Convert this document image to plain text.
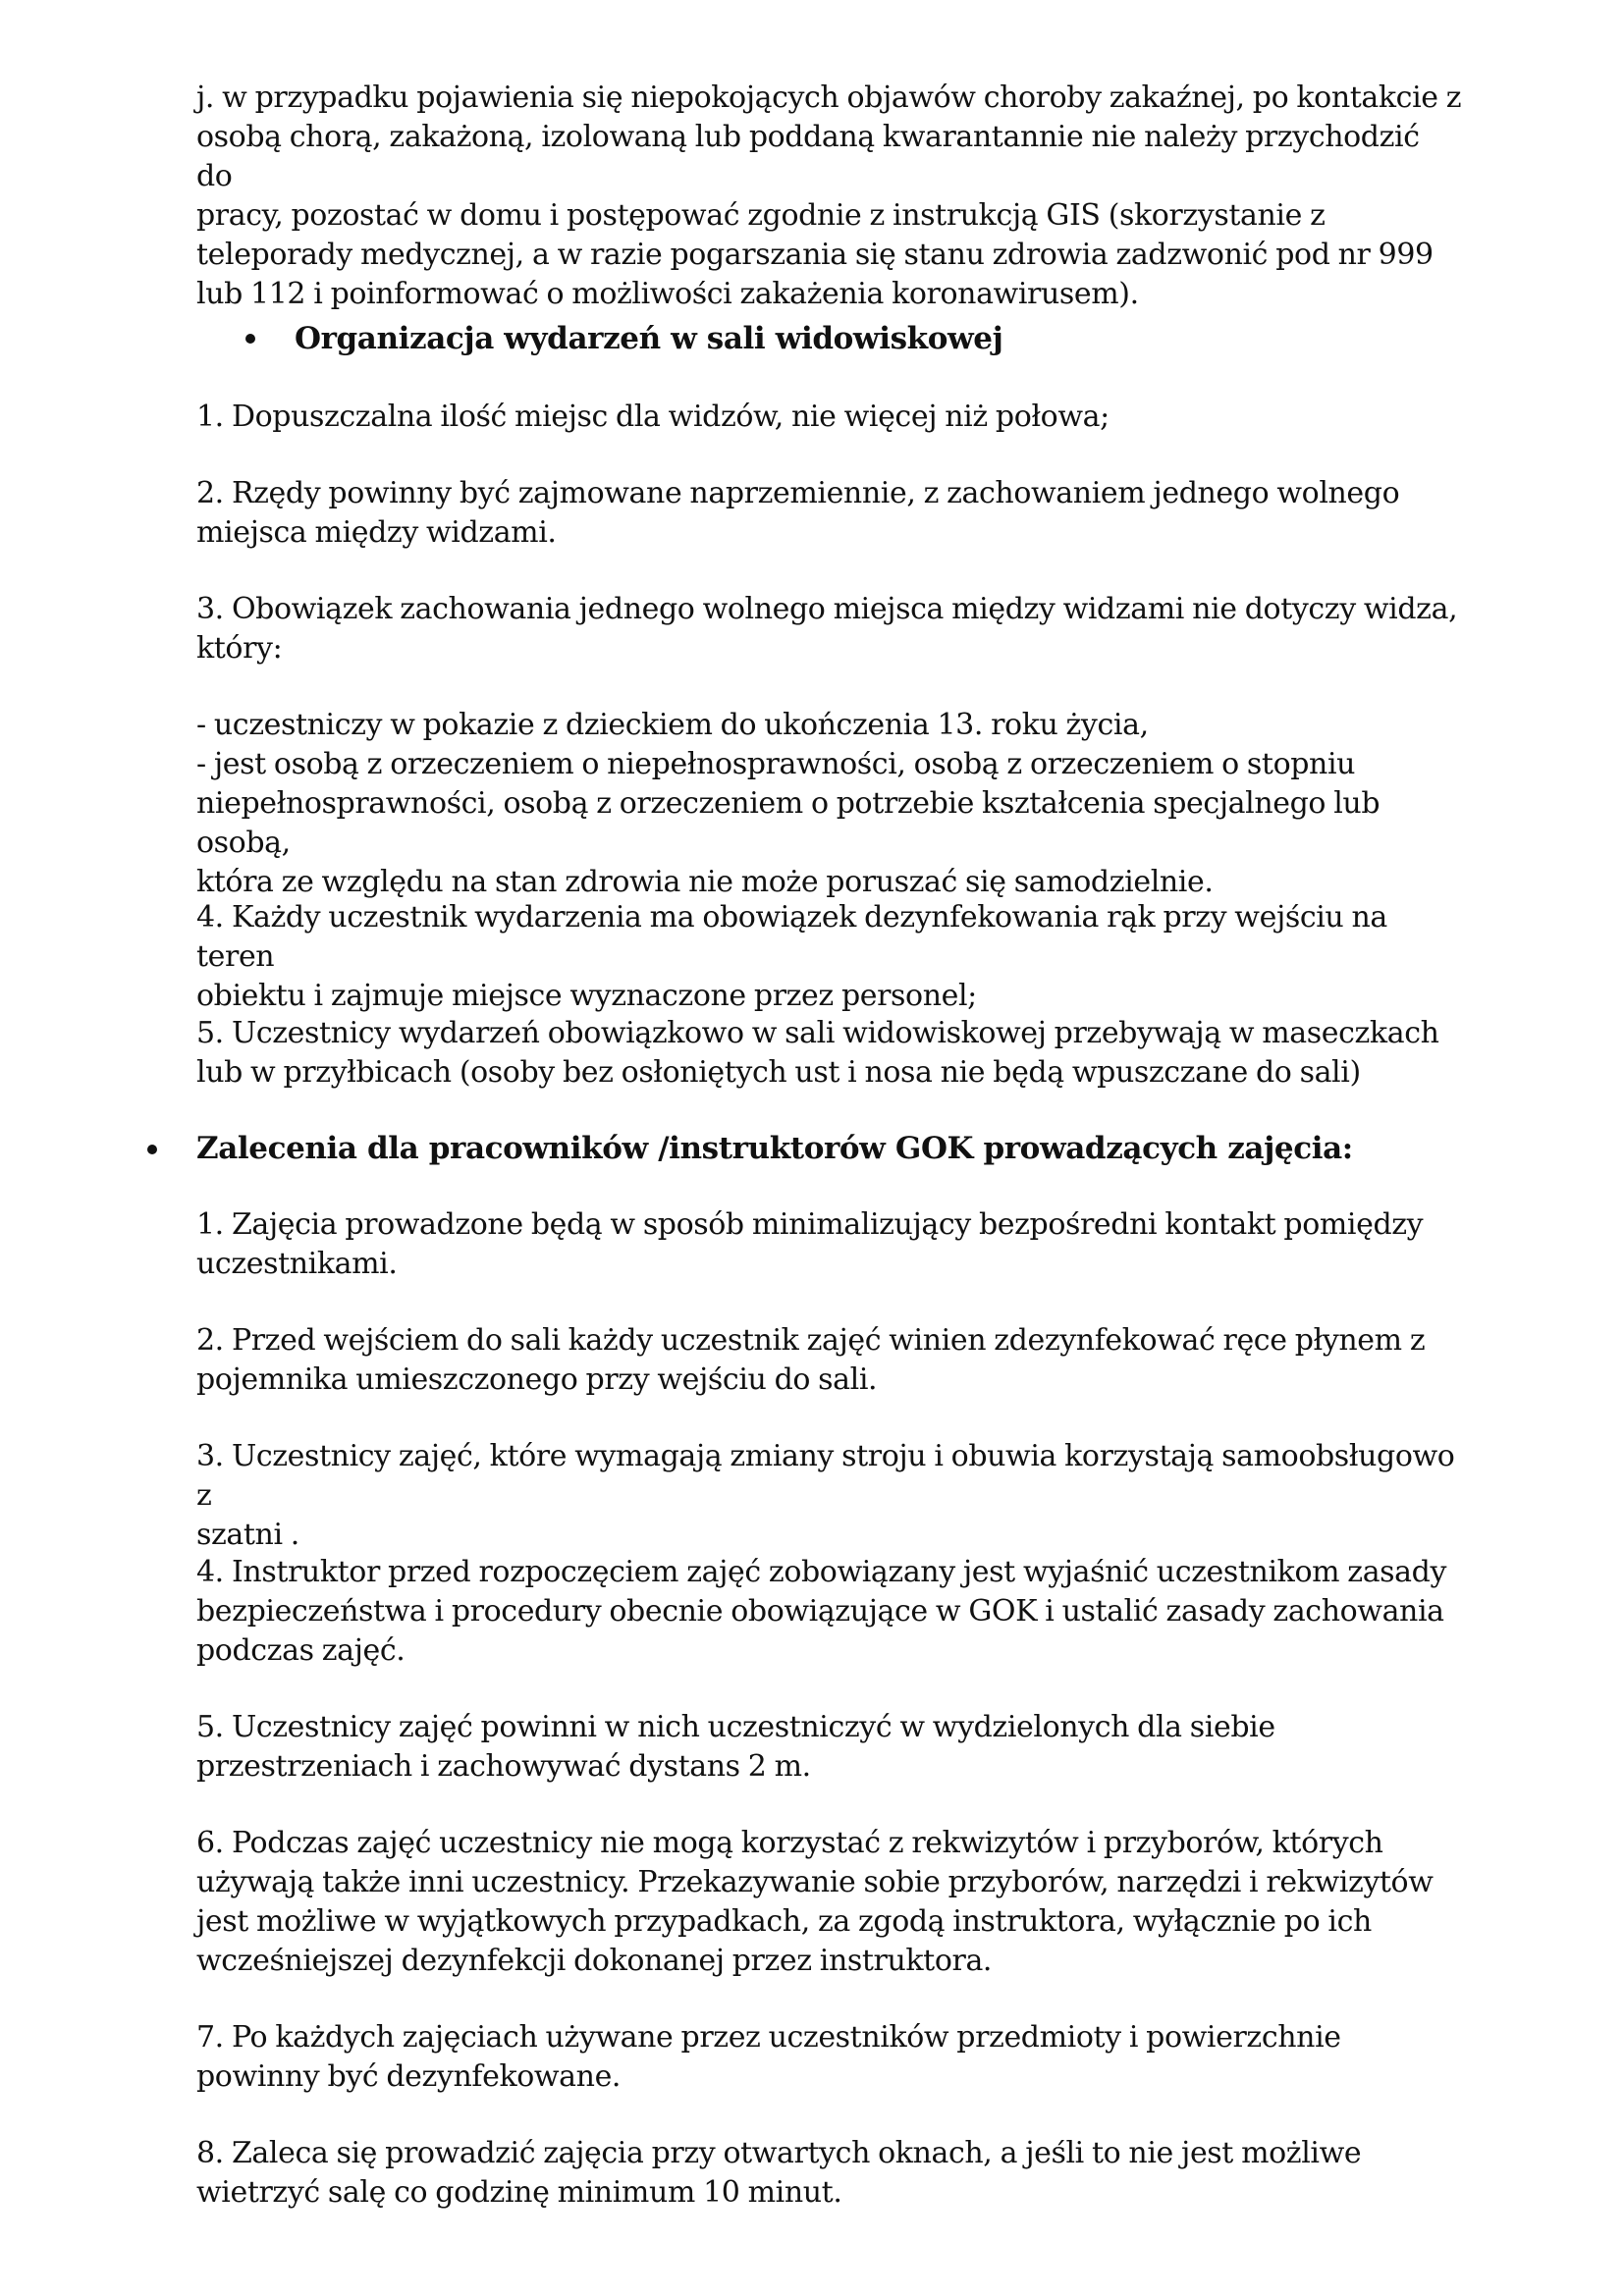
j. w przypadku pojawienia się niepokojących objawów choroby zakaźnej, po kontakcie z
osobą chorą, zakażoną, izolowaną lub poddaną kwarantannie nie należy przychodzić do
pracy, pozostać w domu i postępować zgodnie z instrukcją GIS (skorzystanie z
teleporady medycznej, a w razie pogarszania się stanu zdrowia zadzwonić pod nr 999
lub 112 i poinformować o możliwości zakażenia koronawirusem).

Organizacja wydarzeń w sali widowiskowej

1. Dopuszczalna ilość miejsc dla widzów, nie więcej niż połowa;

2. Rzędy powinny być zajmowane naprzemiennie, z zachowaniem jednego wolnego
miejsca między widzami.

3. Obowiązek zachowania jednego wolnego miejsca między widzami nie dotyczy widza,
który:

- uczestniczy w pokazie z dzieckiem do ukończenia 13. roku życia,
- jest osobą z orzeczeniem o niepełnosprawności, osobą z orzeczeniem o stopniu
niepełnosprawności, osobą z orzeczeniem o potrzebie kształcenia specjalnego lub osobą,
która ze względu na stan zdrowia nie może poruszać się samodzielnie.

4. Każdy uczestnik wydarzenia ma obowiązek dezynfekowania rąk przy wejściu na teren
obiektu i zajmuje miejsce wyznaczone przez personel;

5. Uczestnicy wydarzeń obowiązkowo w sali widowiskowej przebywają w maseczkach
lub w przyłbicach (osoby bez osłoniętych ust i nosa nie będą wpuszczane do sali)

Zalecenia dla pracowników /instruktorów GOK prowadzących zajęcia:

1. Zajęcia prowadzone będą w sposób minimalizujący bezpośredni kontakt pomiędzy
uczestnikami.

2. Przed wejściem do sali każdy uczestnik zajęć winien zdezynfekować ręce płynem z
pojemnika umieszczonego przy wejściu do sali.

3. Uczestnicy zajęć, które wymagają zmiany stroju i obuwia korzystają samoobsługowo z
szatni .

4. Instruktor przed rozpoczęciem zajęć zobowiązany jest wyjaśnić uczestnikom zasady
bezpieczeństwa i procedury obecnie obowiązujące w GOK i ustalić zasady zachowania
podczas zajęć.

5. Uczestnicy zajęć powinni w nich uczestniczyć w wydzielonych dla siebie
przestrzeniach i zachowywać dystans 2 m.

6. Podczas zajęć uczestnicy nie mogą korzystać z rekwizytów i przyborów, których
używają także inni uczestnicy. Przekazywanie sobie przyborów, narzędzi i rekwizytów
jest możliwe w wyjątkowych przypadkach, za zgodą instruktora, wyłącznie po ich
wcześniejszej dezynfekcji dokonanej przez instruktora.

7. Po każdych zajęciach używane przez uczestników przedmioty i powierzchnie
powinny być dezynfekowane.

8. Zaleca się prowadzić zajęcia przy otwartych oknach, a jeśli to nie jest możliwe
wietrzyć salę co godzinę minimum 10 minut.
